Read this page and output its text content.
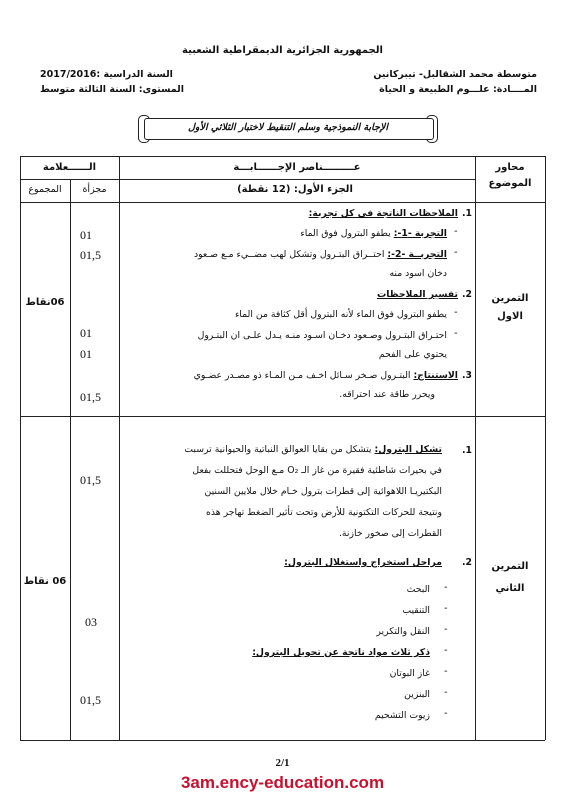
الجمهورية الجزائرية الديمقراطية الشعبية
متوسطة محمد الشقالبل- تيبركانين
المــــادة: علـــوم الطبيعة و الحياة
السنة الدراسية :2017/2016
المستوى: السنة الثالثة متوسط
الإجابة النموذجية وسلم التنقيط لاختبار الثلاثي الأول
الــــــعلامة
مجزأة
المجموع
عـــــــــناصر الإجــــــابـــة	محاور الموضوع
الجزء الأول: (12 نقطة)
التمرين الاول
06نقاط
01
01,5
01
01
01,5
1.
الملاحظات الناتجة في كل تجربة:
-
التجربة -1-: يطفو البترول فوق الماء
-
التجربــة -2-: احتــراق البتـرول وتشكل لهب مضــيء مـع صـعود
دخان اسود منه
2.
تفسير الملاحظات
-
يطفو البترول فوق الماء لأنه البترول أقل كثافة من الماء
-
احتـراق البتـرول وصـعود دخـان اسـود منـه يـدل علـى ان البتـرول
يحتوي على الفحم
3.
الاستنتاج: البتـرول صـخر سـائل اخـف مـن المـاء ذو مصـدر عضـوي
ويحرر طاقة عند احتراقه.
التمرين الثاني
06 نقاط
01,5
03
01,5
1.
تشكل البترول: يتشكل من بقايا العوالق النباتية والحيوانية ترسبت
في بحيرات شاطئية فقيرة من غاز الـ O₂ مـع الوحل فتحللت بفعل
البكتيريـا اللاهوائية إلى قطرات بترول خـام خلال ملايين السنين
ونتيجة للحركات التكتونية للأرض وتحت تأثير الضغط تهاجر هذه
القطرات إلى صخور خازنة.
2.
مراحل استخراج واستغلال البترول:
-
البحث
-
التنقيب
-
النقل والتكرير
-
ذكر ثلاث مواد ناتجة عن تحويل البترول:
-
غاز البوتان
-
البنزين
-
زيوت التشحيم
2/1
3am.ency-education.com
